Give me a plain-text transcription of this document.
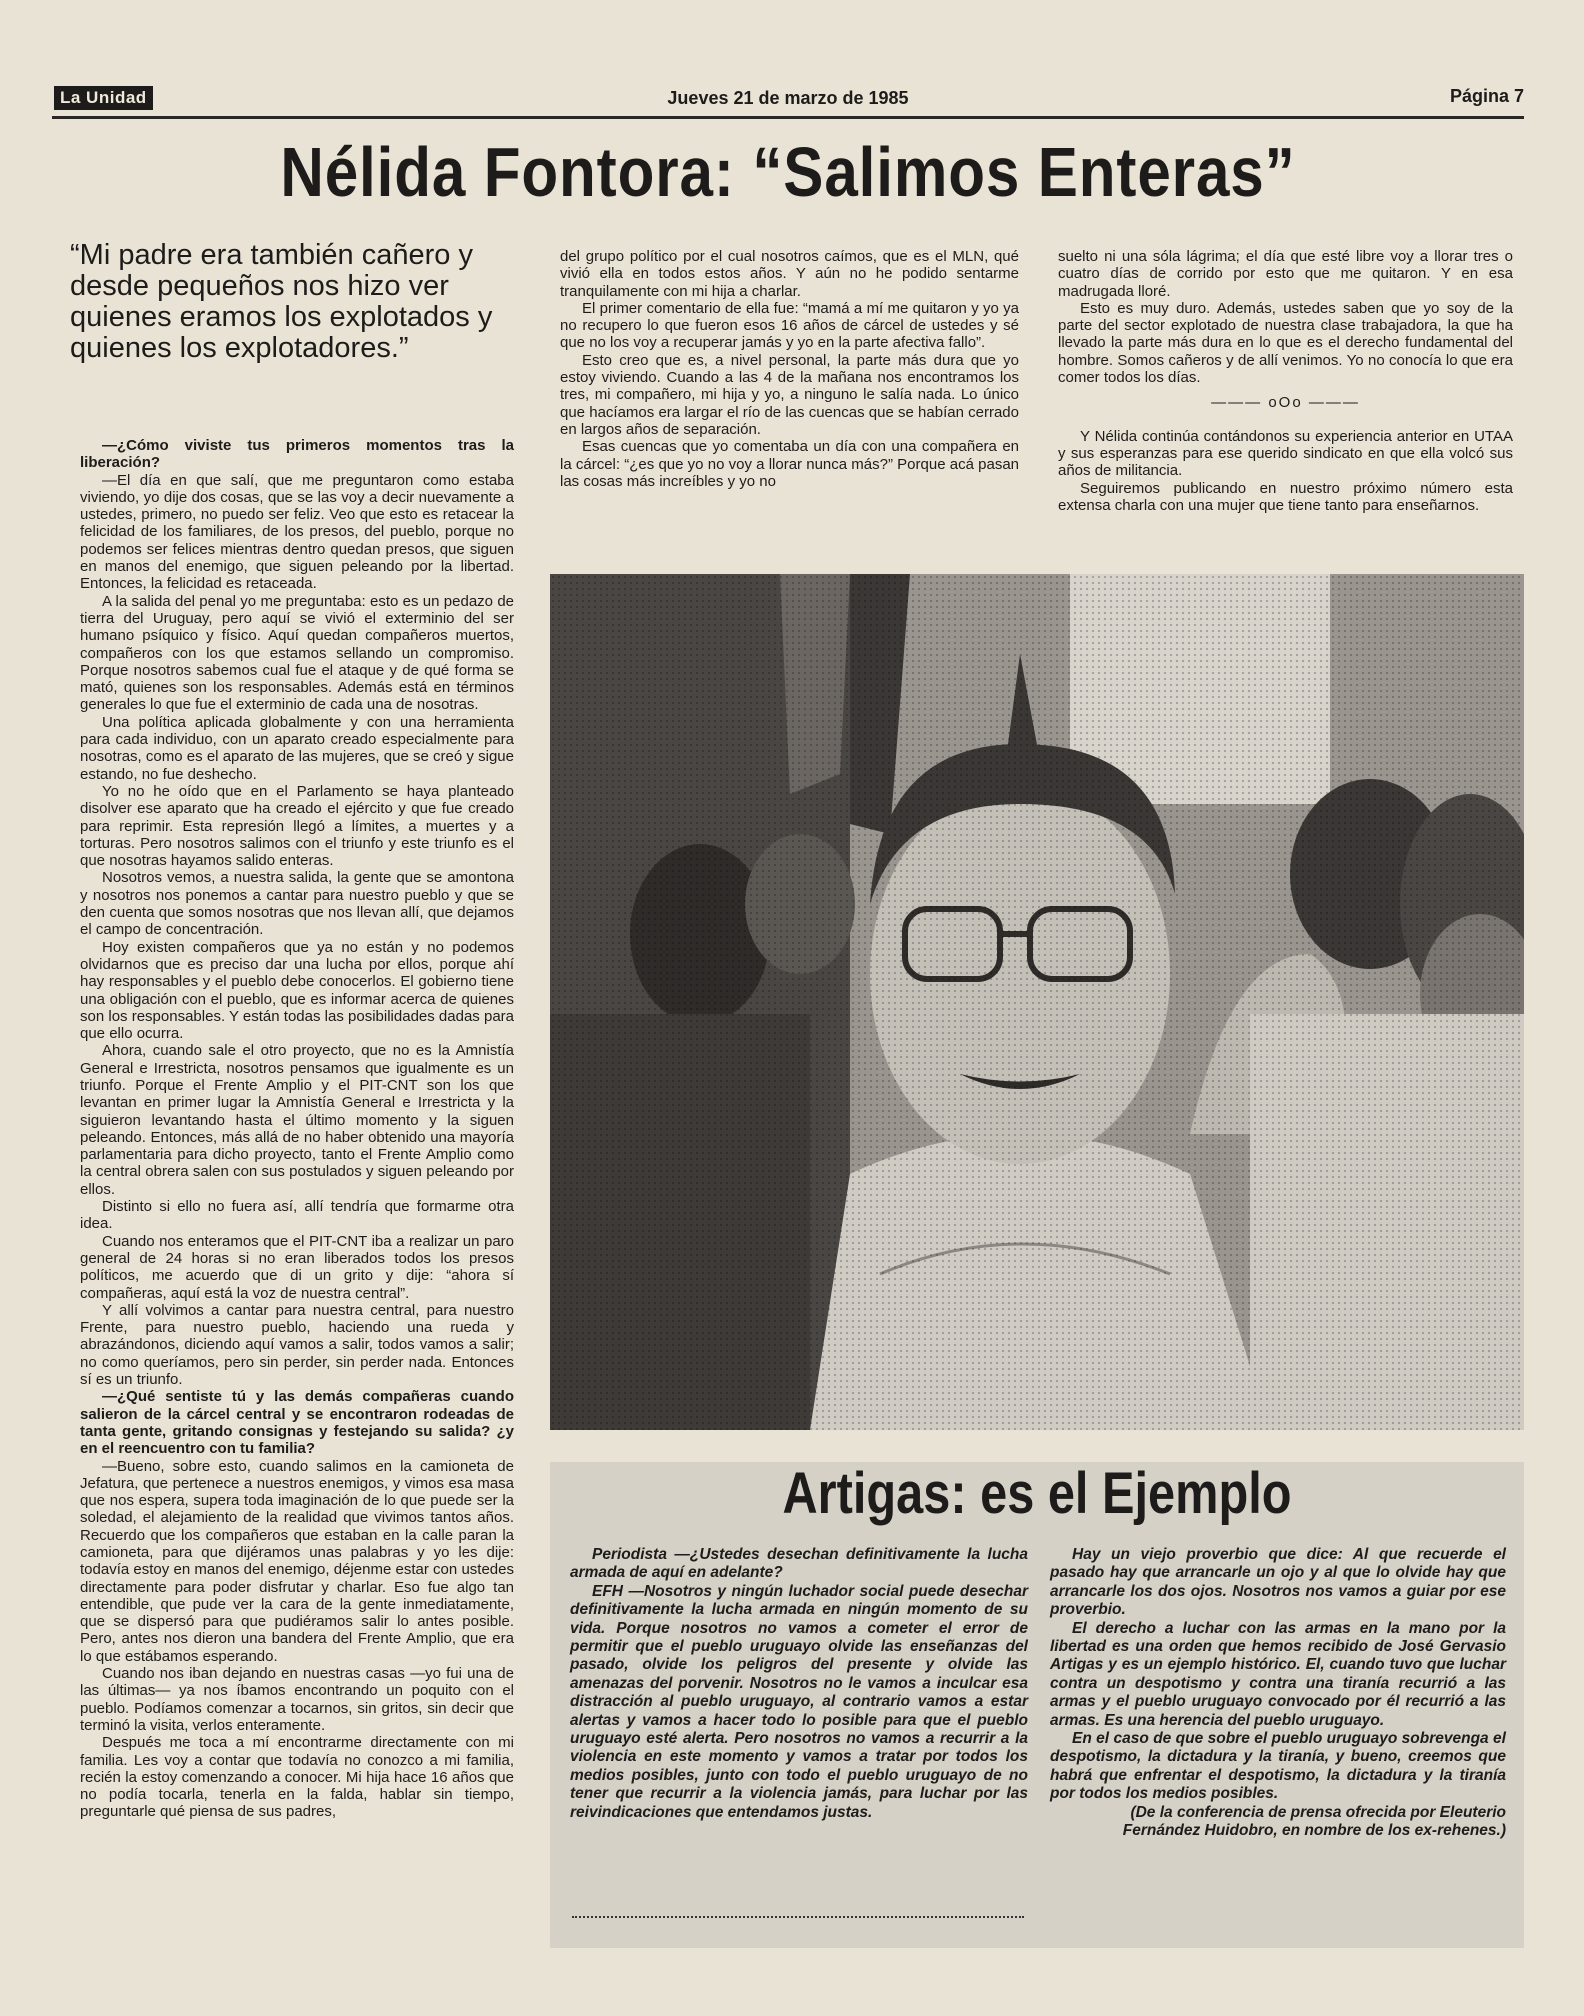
La Unidad	Jueves 21 de marzo de 1985	Página 7
Nélida Fontora: “Salimos Enteras”
“Mi padre era también cañero y desde pequeños nos hizo ver quienes eramos los explotados y quienes los explotadores.”

—¿Cómo viviste tus primeros momentos tras la liberación?

—El día en que salí, que me preguntaron como estaba viviendo, yo dije dos cosas, que se las voy a decir nuevamente a ustedes, primero, no puedo ser feliz. Veo que esto es retacear la felicidad de los familiares, de los presos, del pueblo, porque no podemos ser felices mientras dentro quedan presos, que siguen en manos del enemigo, que siguen peleando por la libertad. Entonces, la felicidad es retaceada.

A la salida del penal yo me preguntaba: esto es un pedazo de tierra del Uruguay, pero aquí se vivió el exterminio del ser humano psíquico y físico. Aquí quedan compañeros muertos, compañeros con los que estamos sellando un compromiso. Porque nosotros sabemos cual fue el ataque y de qué forma se mató, quienes son los responsables. Además está en términos generales lo que fue el exterminio de cada una de nosotras.

Una política aplicada globalmente y con una herramienta para cada individuo, con un aparato creado especialmente para nosotras, como es el aparato de las mujeres, que se creó y sigue estando, no fue deshecho.

Yo no he oído que en el Parlamento se haya planteado disolver ese aparato que ha creado el ejército y que fue creado para reprimir. Esta represión llegó a límites, a muertes y a torturas. Pero nosotros salimos con el triunfo y este triunfo es el que nosotras hayamos salido enteras.

Nosotros vemos, a nuestra salida, la gente que se amontona y nosotros nos ponemos a cantar para nuestro pueblo y que se den cuenta que somos nosotras que nos llevan allí, que dejamos el campo de concentración.

Hoy existen compañeros que ya no están y no podemos olvidarnos que es preciso dar una lucha por ellos, porque ahí hay responsables y el pueblo debe conocerlos. El gobierno tiene una obligación con el pueblo, que es informar acerca de quienes son los responsables. Y están todas las posibilidades dadas para que ello ocurra.

Ahora, cuando sale el otro proyecto, que no es la Amnistía General e Irrestricta, nosotros pensamos que igualmente es un triunfo. Porque el Frente Amplio y el PIT-CNT son los que levantan en primer lugar la Amnistía General e Irrestricta y la siguieron levantando hasta el último momento y la siguen peleando. Entonces, más allá de no haber obtenido una mayoría parlamentaria para dicho proyecto, tanto el Frente Amplio como la central obrera salen con sus postulados y siguen peleando por ellos.

Distinto si ello no fuera así, allí tendría que formarme otra idea.

Cuando nos enteramos que el PIT-CNT iba a realizar un paro general de 24 horas si no eran liberados todos los presos políticos, me acuerdo que di un grito y dije: “ahora sí compañeras, aquí está la voz de nuestra central”.

Y allí volvimos a cantar para nuestra central, para nuestro Frente, para nuestro pueblo, haciendo una rueda y abrazándonos, diciendo aquí vamos a salir, todos vamos a salir; no como queríamos, pero sin perder, sin perder nada. Entonces sí es un triunfo.

—¿Qué sentiste tú y las demás compañeras cuando salieron de la cárcel central y se encontraron rodeadas de tanta gente, gritando consignas y festejando su salida? ¿y en el reencuentro con tu familia?

—Bueno, sobre esto, cuando salimos en la camioneta de Jefatura, que pertenece a nuestros enemigos, y vimos esa masa que nos espera, supera toda imaginación de lo que puede ser la soledad, el alejamiento de la realidad que vivimos tantos años. Recuerdo que los compañeros que estaban en la calle paran la camioneta, para que dijéramos unas palabras y yo les dije: todavía estoy en manos del enemigo, déjenme estar con ustedes directamente para poder disfrutar y charlar. Eso fue algo tan entendible, que pude ver la cara de la gente inmediatamente, que se dispersó para que pudiéramos salir lo antes posible. Pero, antes nos dieron una bandera del Frente Amplio, que era lo que estábamos esperando.

Cuando nos iban dejando en nuestras casas —yo fui una de las últimas— ya nos íbamos encontrando un poquito con el pueblo. Podíamos comenzar a tocarnos, sin gritos, sin decir que terminó la visita, verlos enteramente.

Después me toca a mí encontrarme directamente con mi familia. Les voy a contar que todavía no conozco a mi familia, recién la estoy comenzando a conocer. Mi hija hace 16 años que no podía tocarla, tenerla en la falda, hablar sin tiempo, preguntarle qué piensa de sus padres,

del grupo político por el cual nosotros caímos, que es el MLN, qué vivió ella en todos estos años. Y aún no he podido sentarme tranquilamente con mi hija a charlar.

El primer comentario de ella fue: “mamá a mí me quitaron y yo ya no recupero lo que fueron esos 16 años de cárcel de ustedes y sé que no los voy a recuperar jamás y yo en la parte afectiva fallo”.

Esto creo que es, a nivel personal, la parte más dura que yo estoy viviendo. Cuando a las 4 de la mañana nos encontramos los tres, mi compañero, mi hija y yo, a ninguno le salía nada. Lo único que hacíamos era largar el río de las cuencas que se habían cerrado en largos años de separación.

Esas cuencas que yo comentaba un día con una compañera en la cárcel: “¿es que yo no voy a llorar nunca más?” Porque acá pasan las cosas más increíbles y yo no

suelto ni una sóla lágrima; el día que esté libre voy a llorar tres o cuatro días de corrido por esto que me quitaron. Y en esa madrugada lloré.

Esto es muy duro. Además, ustedes saben que yo soy de la parte del sector explotado de nuestra clase trabajadora, la que ha llevado la parte más dura en lo que es el derecho fundamental del hombre. Somos cañeros y de allí venimos. Yo no conocía lo que era comer todos los días.

——— oOo ———

Y Nélida continúa contándonos su experiencia anterior en UTAA y sus esperanzas para ese querido sindicato en que ella volcó sus años de militancia.

Seguiremos publicando en nuestro próximo número esta extensa charla con una mujer que tiene tanto para enseñarnos.

Artigas: es el Ejemplo

Periodista —¿Ustedes desechan definitivamente la lucha armada de aquí en adelante?

EFH —Nosotros y ningún luchador social puede desechar definitivamente la lucha armada en ningún momento de su vida. Porque nosotros no vamos a cometer el error de permitir que el pueblo uruguayo olvide las enseñanzas del pasado, olvide los peligros del presente y olvide las amenazas del porvenir. Nosotros no le vamos a inculcar esa distracción al pueblo uruguayo, al contrario vamos a estar alertas y vamos a hacer todo lo posible para que el pueblo uruguayo esté alerta. Pero nosotros no vamos a recurrir a la violencia en este momento y vamos a tratar por todos los medios posibles, junto con todo el pueblo uruguayo de no tener que recurrir a la violencia jamás, para luchar por las reivindicaciones que entendamos justas.

Hay un viejo proverbio que dice: Al que recuerde el pasado hay que arrancarle un ojo y al que lo olvide hay que arrancarle los dos ojos. Nosotros nos vamos a guiar por ese proverbio.

El derecho a luchar con las armas en la mano por la libertad es una orden que hemos recibido de José Gervasio Artigas y es un ejemplo histórico. El, cuando tuvo que luchar contra un despotismo y contra una tiranía recurrió a las armas y el pueblo uruguayo convocado por él recurrió a las armas. Es una herencia del pueblo uruguayo.

En el caso de que sobre el pueblo uruguayo sobrevenga el despotismo, la dictadura y la tiranía, y bueno, creemos que habrá que enfrentar el despotismo, la dictadura y la tiranía por todos los medios posibles.

(De la conferencia de prensa ofrecida por Eleuterio Fernández Huidobro, en nombre de los ex-rehenes.)
